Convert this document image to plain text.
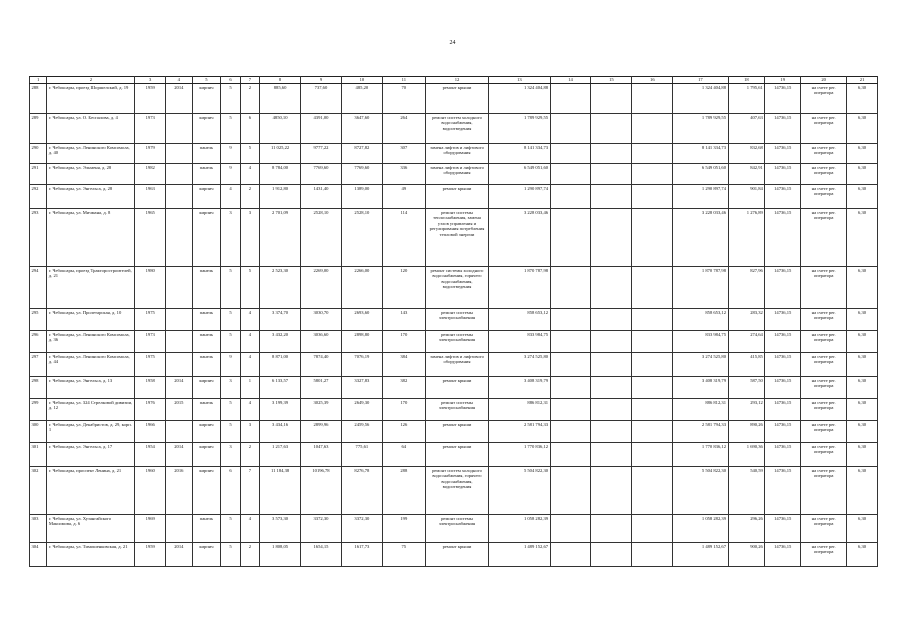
24
1	2	3	4	5	6	7	8	9	10	11	12	13	14	15	16	17	18	19	20	21
288	г. Чебоксары, проезд Шоршелский, д. 19	1959	2014	кирпич	5	2	885,60	737,60	485,20	70	ремонт крыши	1 324 404,88				1 324 404,88	1 795,61	14736,15	на счете рег. оператора	6,30
289	г. Чебоксары, ул. О. Беспалова, д. 4	1973		кирпич	5	6	4850,10	4391,00	3647,60	264	ремонт систем холодного водоснабжения, водоотведения	1 789 929,55				1 789 929,55	407,63	14736,15	на счете рег. оператора	6,30
290	г. Чебоксары, ул. Ленинского Комсомола, д. 40	1979		панель	9	5	11 025,22	9777,22	8727,82	307	замена лифтов и лифтового оборудования	8 141 334,73				8 141 334,73	832,68	14736,15	на счете рег. оператора	6,30
291	г. Чебоксары, ул. Эльменя, д. 28	1982		панель	9	4	8 784,00	7769,60	7769,60	336	замена лифтов и лифтового оборудования	6 549 051,60				6 549 051,60	842,91	14736,15	на счете рег. оператора	6,30
292	г. Чебоксары, ул. Энгельса, д. 28	1963		кирпич	4	2	1 912,80	1431,40	1389,00	49	ремонт крыши	1 290 897,74				1 290 897,74	901,84	14736,15	на счете рег. оператора	6,30
293	г. Чебоксары, ул. Мичмана, д. 8	1965		кирпич	3	3	2 701,09	2528,10	2528,10	114	ремонт системы теплоснабжения, замена узлов управления и регулирования потребления тепловой энергии	3 228 033,46				3 228 033,46	1 276,89	14736,15	на счете рег. оператора	6,30
294	г. Чебоксары, проезд Тракторостроителей, д. 21	1980		панель	5	5	2 523,30	2269,00	2266,00	120	ремонт системы холодного водоснабжения, горячего водоснабжения, водоотведения	1 870 787,98				1 870 787,98	827,96	14736,15	на счете рег. оператора	6,30
295	г. Чебоксары, ул. Пролетарская, д. 10	1975		панель	5	4	3 374,70	3030,70	2693,60	143	ремонт системы электроснабжения	858 653,12				858 653,12	283,32	14736,15	на счете рег. оператора	6,30
296	г. Чебоксары, ул. Ленинского Комсомола, д. 36	1973		панель	5	4	3 432,20	3036,60	2898,80	170	ремонт системы электроснабжения	833 984,75				833 984,75	274,64	14736,15	на счете рег. оператора	6,30
297	г. Чебоксары, ул. Ленинского Комсомола, д. 44	1975		панель	9	4	8 871,00	7874,40	7076,19	384	замена лифтов и лифтового оборудования	3 274 525,80				3 274 525,80	415,85	14736,15	на счете рег. оператора	6,30
298	г. Чебоксары, ул. Энгельса, д. 13	1958	2014	кирпич	3	1	6 133,57	5801,27	3327,83	382	ремонт крыши	3 408 319,79				3 408 319,79	587,50	14736,15	на счете рег. оператора	6,30
299	г. Чебоксары, ул. 324 Стрелковой дивизии, д. 12	1976	2015	панель	5	4	3 199,39	3025,39	2649,30	170	ремонт системы электроснабжения	886 812,31				886 812,31	293,12	14736,15	на счете рег. оператора	6,30
300	г. Чебоксары, ул. Декабристов, д. 29, корп. 1	1966		кирпич	5	3	3 434,16	2899,96	2459,56	126	ремонт крыши	2 581 794,33				2 581 794,33	890,26	14736,15	на счете рег. оператора	6,30
301	г. Чебоксары, ул. Энгельса, д. 17	1954	2014	кирпич	3	2	1 217,63	1047,63	775,61	64	ремонт крыши	1 770 836,12				1 770 836,12	1 690,36	14736,15	на счете рег. оператора	6,30
302	г. Чебоксары, проспект Ленина, д. 21	1960	2016	кирпич	6	7	11 184,38	10196,78	8276,78	288	ремонт систем холодного водоснабжения, горячего водоснабжения, водоотведения	5 504 822,30				5 504 822,30	540,59	14736,15	на счете рег. оператора	6,30
303	г. Чебоксары, ул. Хузангайского Максимова, д. 6	1969		панель	5	4	3 573,30	3372,30	3372,30	199	ремонт системы электроснабжения	1 058 282,39				1 058 282,39	296,26	14736,15	на счете рег. оператора	6,30
304	г. Чебоксары, ул. Тимошенковская, д. 21	1959	2014	кирпич	5	2	1 808,05	1654,15	1617,73	75	ремонт крыши	1 489 152,67				1 489 152,67	900,26	14736,15	на счете рег. оператора	6,30
